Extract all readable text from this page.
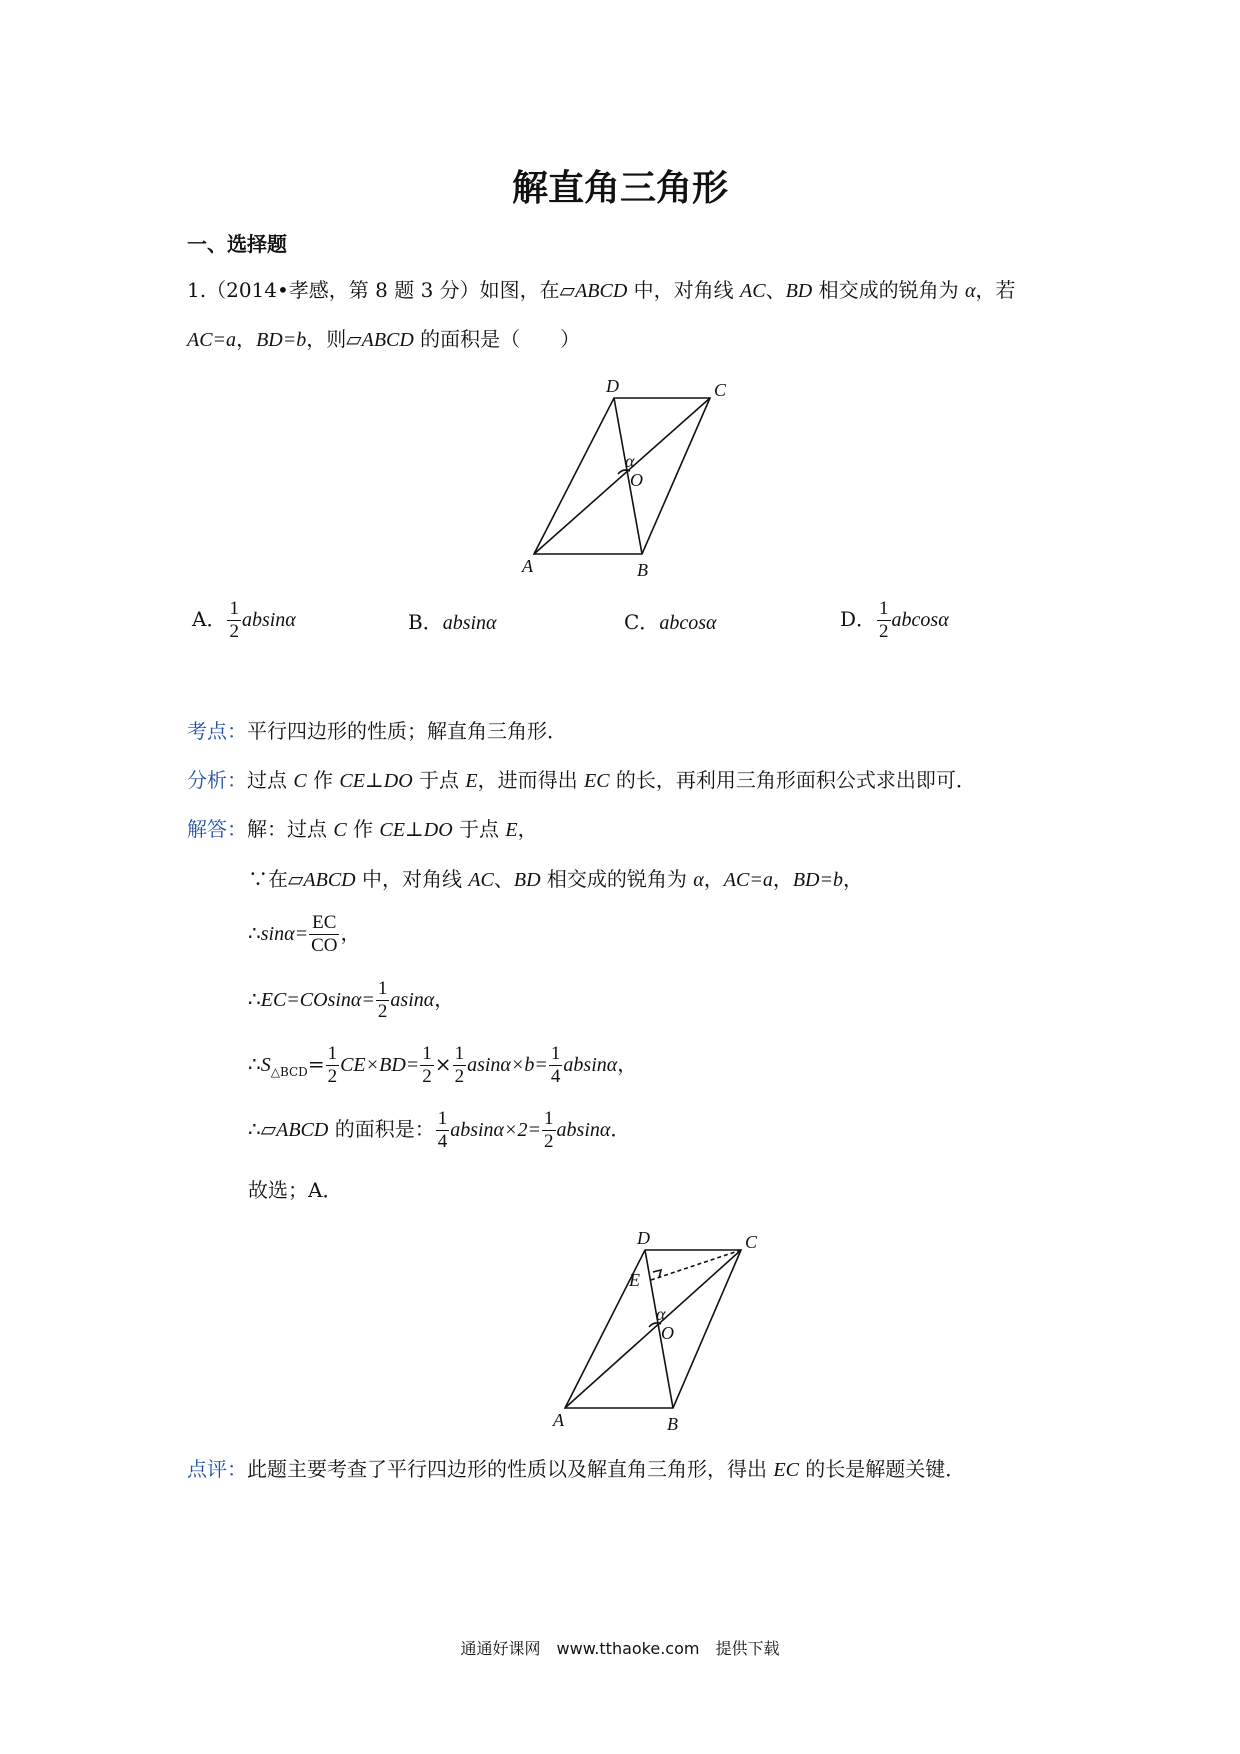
解直角三角形
一、选择题
1.（2014•孝感，第 8 题 3 分）如图，在▱ABCD 中，对角线 AC、BD 相交成的锐角为 α，若
AC=a，BD=b，则▱ABCD 的面积是（　　）
A	B
C
D
O
α
A． $\frac{1}{2}$ absinα	B．absinα	C．abcosα	D． $\frac{1}{2}$ abcosα
考点：平行四边形的性质；解直角三角形．
分析：过点 C 作 CE⊥DO 于点 E，进而得出 EC 的长，再利用三角形面积公式求出即可．
解答：解：过点 C 作 CE⊥DO 于点 E，
∵在▱ABCD 中，对角线 AC、BD 相交成的锐角为 α，AC=a，BD=b，
∴sinα= $\frac{EC}{CO}$ ，
∴EC=COsinα= $\frac{1}{2}$ asinα，
$\therefore S_{\triangle BCD}= \frac{1}{2} CE\times BD= \frac{1}{2} \times \frac{1}{2} asin\alpha\times b= \frac{1}{4}$ absinα，
∴▱ABCD 的面积是： $\frac{1}{4} absin\alpha\times 2= \frac{1}{2}$ absinα．
故选；A．
A	B
C
D
E
O
α
点评：此题主要考查了平行四边形的性质以及解直角三角形，得出 EC 的长是解题关键．
通通好课网　www.tthaoke.com　提供下载
